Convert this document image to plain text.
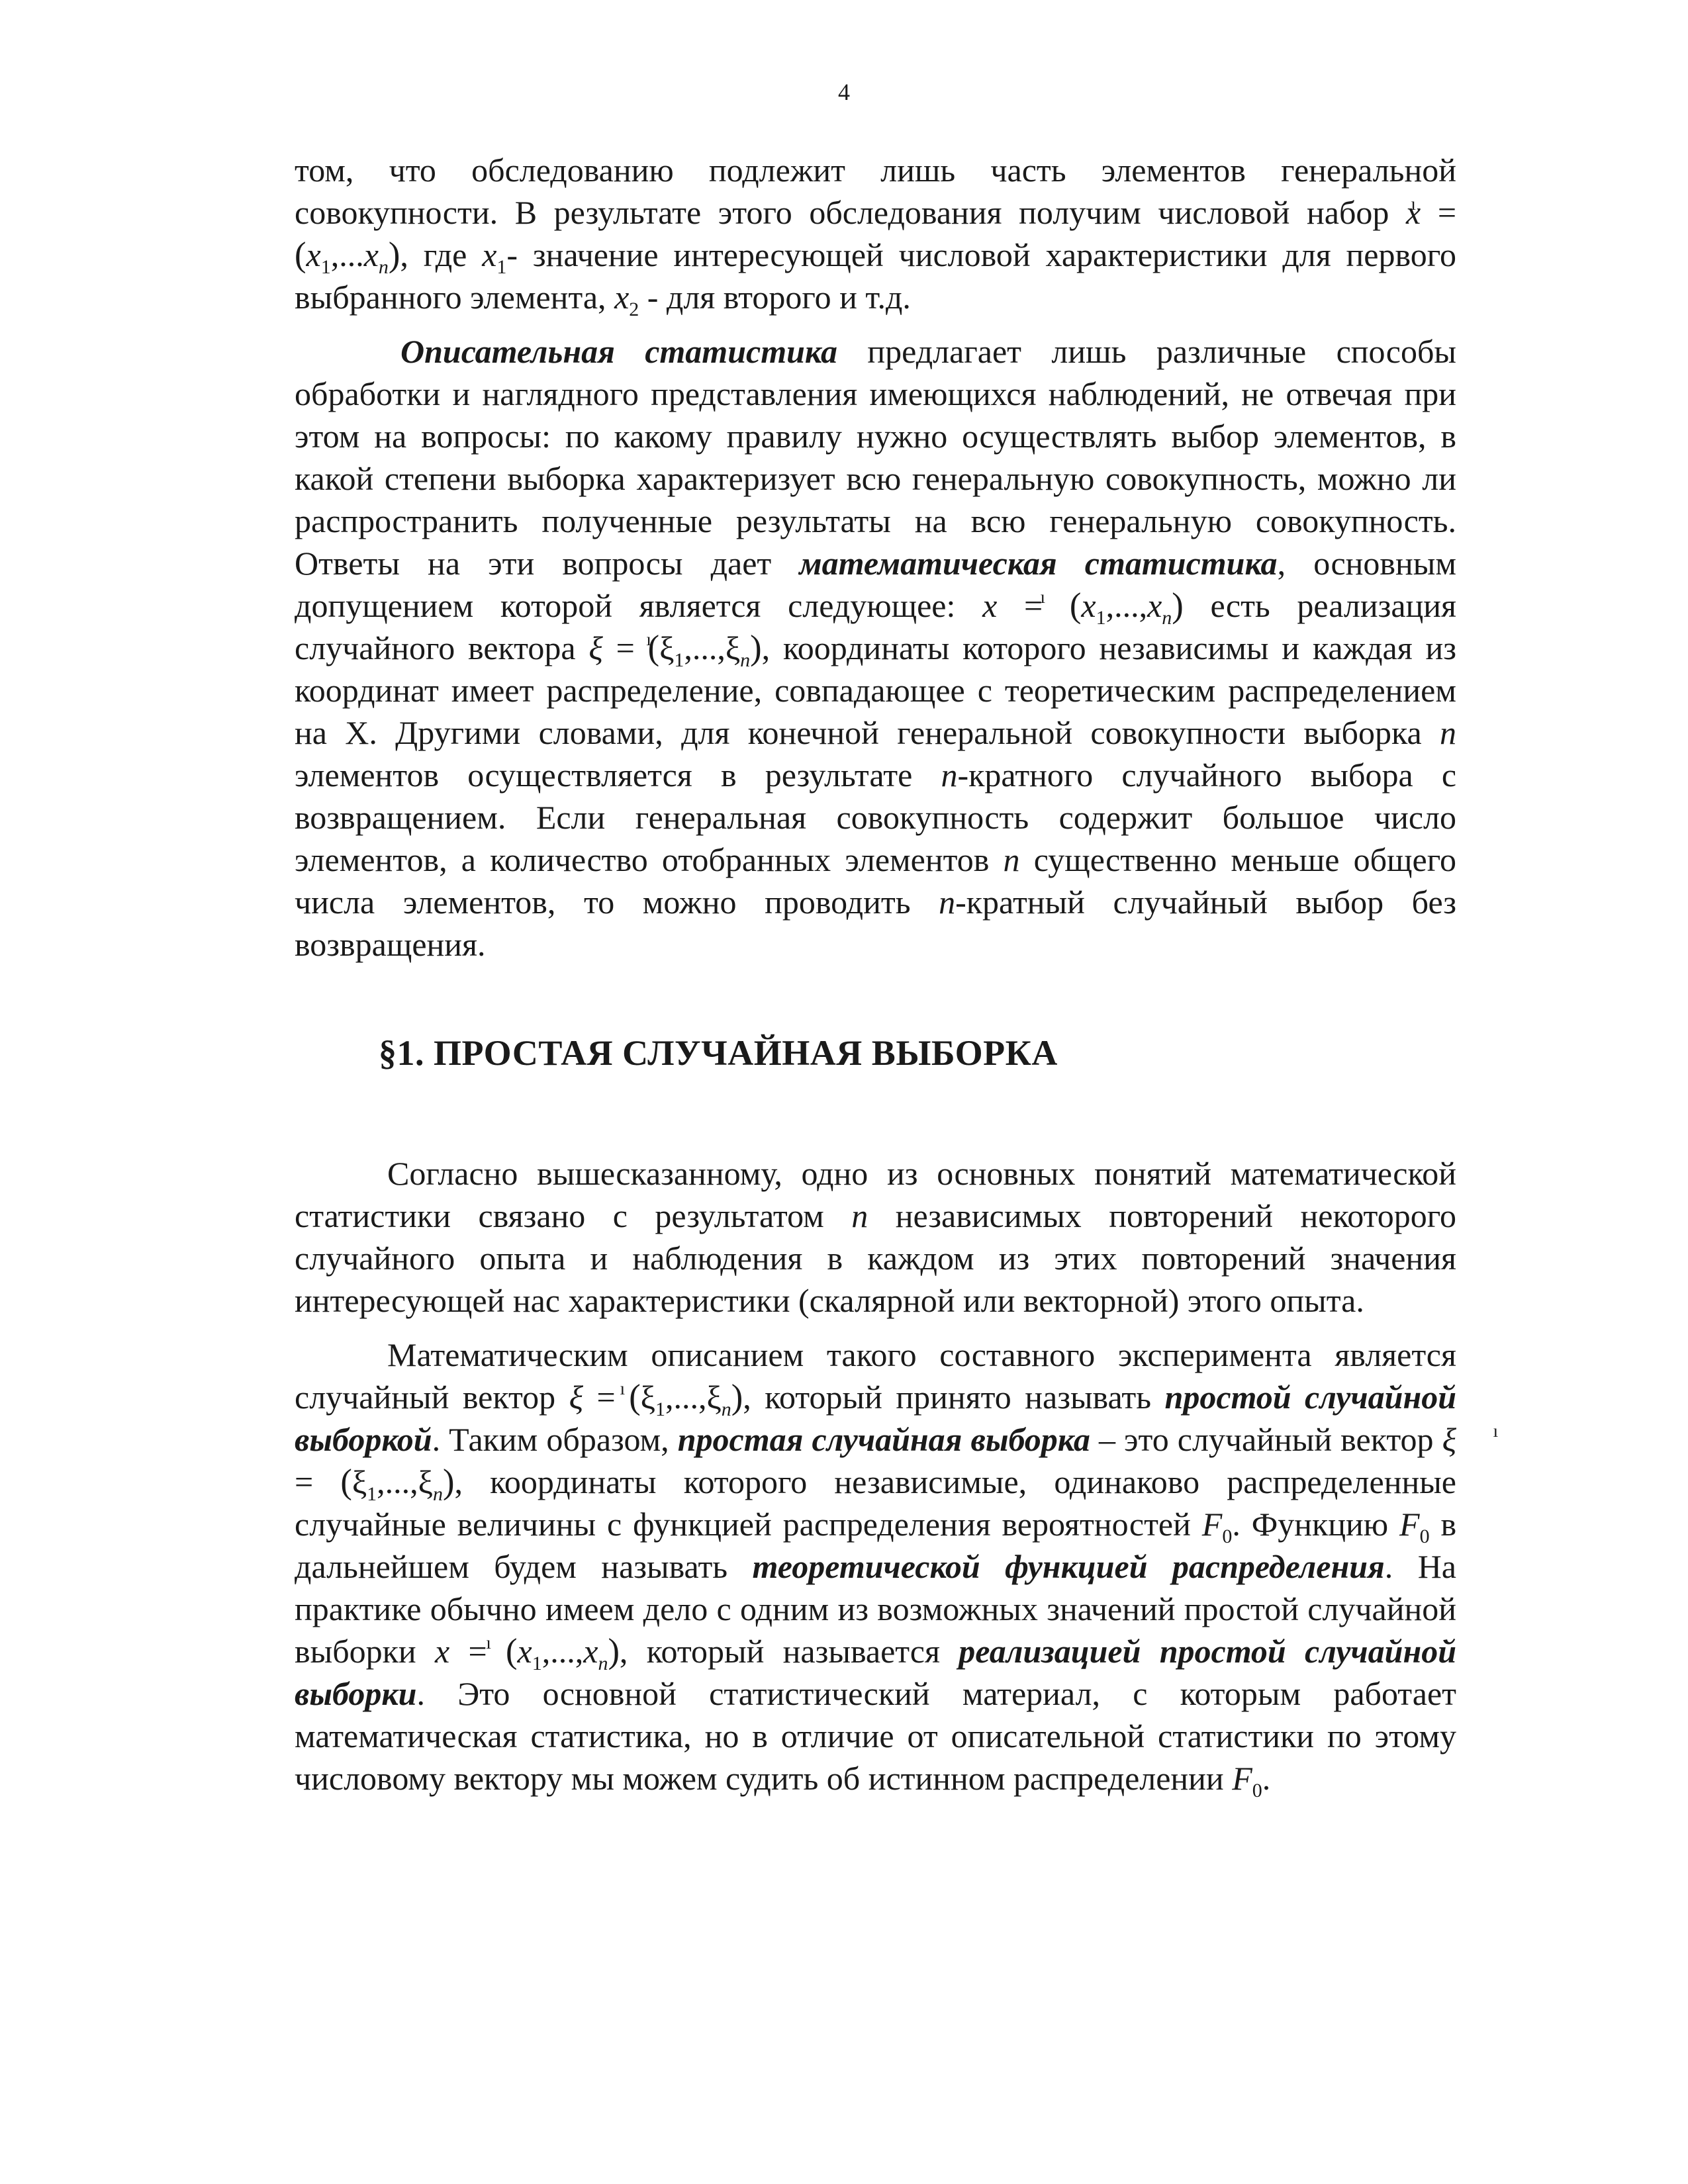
4

том, что обследованию подлежит лишь часть элементов генеральной совокупности. В результате этого обследования получим числовой набор ı $x = (x_1,...x_n)$, где $x_1-$ значение интересующей числовой характеристики для первого выбранного элемента, $x_2$ - для второго и т.д.

Описательная статистика предлагает лишь различные способы обработки и наглядного представления имеющихся наблюдений, не отвечая при этом на вопросы: по какому правилу нужно осуществлять выбор элементов, в какой степени выборка характеризует всю генеральную совокупность, можно ли распространить полученные результаты на всю генеральную совокупность. Ответы на эти вопросы дает математическая статистика, основным допущением которой является следующее: ı $x = (x_1,...,x_n)$ есть реализация случайного вектора ı $\xi = (\xi_1,...,\xi_n)$, координаты которого независимы и каждая из координат имеет распределение, совпадающее с теоретическим распределением на X. Другими словами, для конечной генеральной совокупности выборка n элементов осуществляется в результате n-кратного случайного выбора с возвращением. Если генеральная совокупность содержит большое число элементов, а количество отобранных элементов n существенно меньше общего числа элементов, то можно проводить n-кратный случайный выбор без возвращения.

§1. ПРОСТАЯ СЛУЧАЙНАЯ ВЫБОРКА

Согласно вышесказанному, одно из основных понятий математической статистики связано с результатом n независимых повторений некоторого случайного опыта и наблюдения в каждом из этих повторений значения интересующей нас характеристики (скалярной или векторной) этого опыта.

Математическим описанием такого составного эксперимента является случайный вектор ı $\xi = (\xi_1,...,\xi_n)$, который принято называть простой случайной выборкой. Таким образом, простая случайная выборка – это случайный вектор ı $\xi = (\xi_1,...,\xi_n)$, координаты которого независимые, одинаково распределенные случайные величины с функцией распределения вероятностей $F_0$. Функцию $F_0$ в дальнейшем будем называть теоретической функцией распределения. На практике обычно имеем дело с одним из возможных значений простой случайной выборки ı $x = (x_1,...,x_n)$, который называется реализацией простой случайной выборки. Это основной статистический материал, с которым работает математическая статистика, но в отличие от описательной статистики по этому числовому вектору мы можем судить об истинном распределении $F_0$.
